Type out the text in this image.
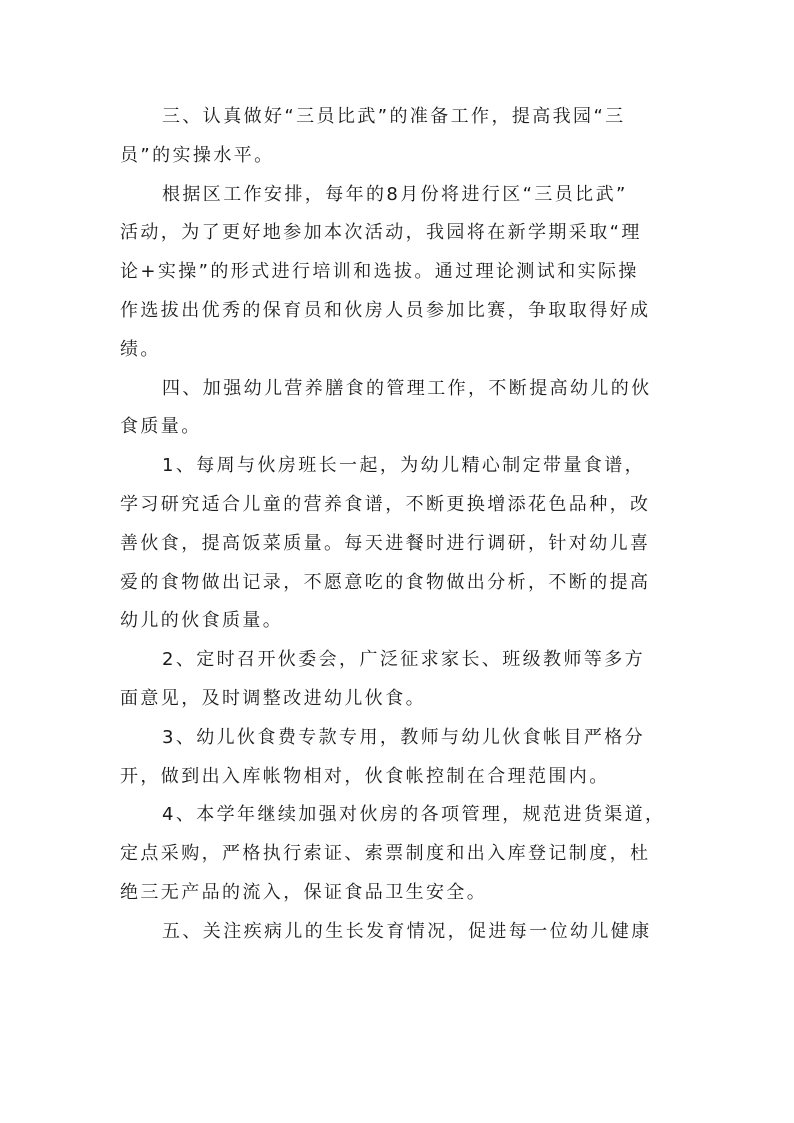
三、认真做好“三员比武”的准备工作，提高我园“三
员”的实操水平。
根据区工作安排，每年的8月份将进行区“三员比武”
活动，为了更好地参加本次活动，我园将在新学期采取“理
论+实操”的形式进行培训和选拔。通过理论测试和实际操
作选拔出优秀的保育员和伙房人员参加比赛，争取取得好成
绩。
四、加强幼儿营养膳食的管理工作，不断提高幼儿的伙
食质量。
1、每周与伙房班长一起，为幼儿精心制定带量食谱，
学习研究适合儿童的营养食谱，不断更换增添花色品种，改
善伙食，提高饭菜质量。每天进餐时进行调研，针对幼儿喜
爱的食物做出记录，不愿意吃的食物做出分析，不断的提高
幼儿的伙食质量。
2、定时召开伙委会，广泛征求家长、班级教师等多方
面意见，及时调整改进幼儿伙食。
3、幼儿伙食费专款专用，教师与幼儿伙食帐目严格分
开，做到出入库帐物相对，伙食帐控制在合理范围内。
4、本学年继续加强对伙房的各项管理，规范进货渠道，
定点采购，严格执行索证、索票制度和出入库登记制度，杜
绝三无产品的流入，保证食品卫生安全。
五、关注疾病儿的生长发育情况，促进每一位幼儿健康
